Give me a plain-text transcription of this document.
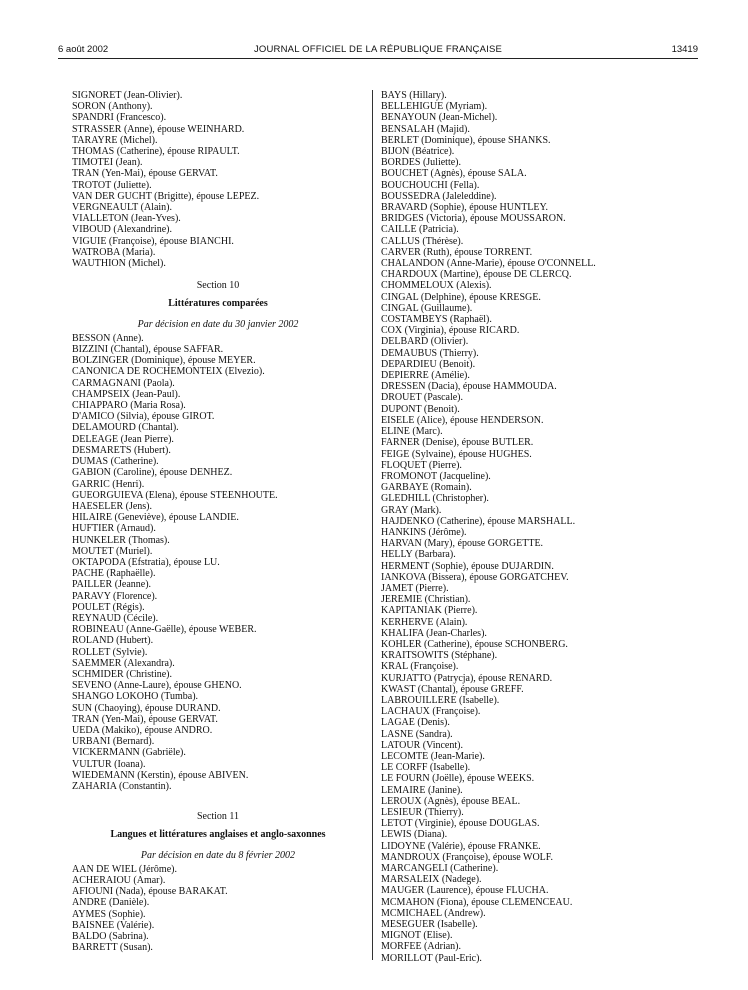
6 août 2002	JOURNAL OFFICIEL DE LA RÉPUBLIQUE FRANÇAISE	13419
SIGNORET (Jean-Olivier).
SORON (Anthony).
SPANDRI (Francesco).
STRASSER (Anne), épouse WEINHARD.
TARAYRE (Michel).
THOMAS (Catherine), épouse RIPAULT.
TIMOTEI (Jean).
TRAN (Yen-Mai), épouse GERVAT.
TROTOT (Juliette).
VAN DER GUCHT (Brigitte), épouse LEPEZ.
VERGNEAULT (Alain).
VIALLETON (Jean-Yves).
VIBOUD (Alexandrine).
VIGUIE (Françoise), épouse BIANCHI.
WATROBA (Maria).
WAUTHION (Michel).
Section 10
Littératures comparées
Par décision en date du 30 janvier 2002
BESSON (Anne).
BIZZINI (Chantal), épouse SAFFAR.
BOLZINGER (Dominique), épouse MEYER.
CANONICA DE ROCHEMONTEIX (Elvezio).
CARMAGNANI (Paola).
CHAMPSEIX (Jean-Paul).
CHIAPPARO (Maria Rosa).
D'AMICO (Silvia), épouse GIROT.
DELAMOURD (Chantal).
DELEAGE (Jean Pierre).
DESMARETS (Hubert).
DUMAS (Catherine).
GABION (Caroline), épouse DENHEZ.
GARRIC (Henri).
GUEORGUIEVA (Elena), épouse STEENHOUTE.
HAESELER (Jens).
HILAIRE (Geneviève), épouse LANDIE.
HUFTIER (Arnaud).
HUNKELER (Thomas).
MOUTET (Muriel).
OKTAPODA (Efstratia), épouse LU.
PACHE (Raphaëlle).
PAILLER (Jeanne).
PARAVY (Florence).
POULET (Régis).
REYNAUD (Cécile).
ROBINEAU (Anne-Gaëlle), épouse WEBER.
ROLAND (Hubert).
ROLLET (Sylvie).
SAEMMER (Alexandra).
SCHMIDER (Christine).
SEVENO (Anne-Laure), épouse GHENO.
SHANGO LOKOHO (Tumba).
SUN (Chaoying), épouse DURAND.
TRAN (Yen-Mai), épouse GERVAT.
UEDA (Makiko), épouse ANDRO.
URBANI (Bernard).
VICKERMANN (Gabriële).
VULTUR (Ioana).
WIEDEMANN (Kerstin), épouse ABIVEN.
ZAHARIA (Constantin).
Section 11
Langues et littératures anglaises et anglo-saxonnes
Par décision en date du 8 février 2002
AAN DE WIEL (Jérôme).
ACHERAIOU (Amar).
AFIOUNI (Nada), épouse BARAKAT.
ANDRE (Danièle).
AYMES (Sophie).
BAISNEE (Valérie).
BALDO (Sabrina).
BARRETT (Susan).
BAYS (Hillary).
BELLEHIGUE (Myriam).
BENAYOUN (Jean-Michel).
BENSALAH (Majid).
BERLET (Dominique), épouse SHANKS.
BIJON (Béatrice).
BORDES (Juliette).
BOUCHET (Agnès), épouse SALA.
BOUCHOUCHI (Fella).
BOUSSEDRA (Jaleleddine).
BRAVARD (Sophie), épouse HUNTLEY.
BRIDGES (Victoria), épouse MOUSSARON.
CAILLE (Patricia).
CALLUS (Thérèse).
CARVER (Ruth), épouse TORRENT.
CHALANDON (Anne-Marie), épouse O'CONNELL.
CHARDOUX (Martine), épouse DE CLERCQ.
CHOMMELOUX (Alexis).
CINGAL (Delphine), épouse KRESGE.
CINGAL (Guillaume).
COSTAMBEYS (Raphaël).
COX (Virginia), épouse RICARD.
DELBARD (Olivier).
DEMAUBUS (Thierry).
DEPARDIEU (Benoit).
DEPIERRE (Amélie).
DRESSEN (Dacia), épouse HAMMOUDA.
DROUET (Pascale).
DUPONT (Benoit).
EISELE (Alice), épouse HENDERSON.
ELINE (Marc).
FARNER (Denise), épouse BUTLER.
FEIGE (Sylvaine), épouse HUGHES.
FLOQUET (Pierre).
FROMONOT (Jacqueline).
GARBAYE (Romain).
GLEDHILL (Christopher).
GRAY (Mark).
HAJDENKO (Catherine), épouse MARSHALL.
HANKINS (Jérôme).
HARVAN (Mary), épouse GORGETTE.
HELLY (Barbara).
HERMENT (Sophie), épouse DUJARDIN.
IANKOVA (Bissera), épouse GORGATCHEV.
JAMET (Pierre).
JEREMIE (Christian).
KAPITANIAK (Pierre).
KERHERVE (Alain).
KHALIFA (Jean-Charles).
KOHLER (Catherine), épouse SCHONBERG.
KRAITSOWITS (Stéphane).
KRAL (Françoise).
KURJATTO (Patrycja), épouse RENARD.
KWAST (Chantal), épouse GREFF.
LABROUILLERE (Isabelle).
LACHAUX (Françoise).
LAGAE (Denis).
LASNE (Sandra).
LATOUR (Vincent).
LECOMTE (Jean-Marie).
LE CORFF (Isabelle).
LE FOURN (Joëlle), épouse WEEKS.
LEMAIRE (Janine).
LEROUX (Agnès), épouse BEAL.
LESIEUR (Thierry).
LETOT (Virginie), épouse DOUGLAS.
LEWIS (Diana).
LIDOYNE (Valérie), épouse FRANKE.
MANDROUX (Françoise), épouse WOLF.
MARCANGELI (Catherine).
MARSALEIX (Nadege).
MAUGER (Laurence), épouse FLUCHA.
MCMAHON (Fiona), épouse CLEMENCEAU.
MCMICHAEL (Andrew).
MESEGUER (Isabelle).
MIGNOT (Elise).
MORFEE (Adrian).
MORILLOT (Paul-Eric).
